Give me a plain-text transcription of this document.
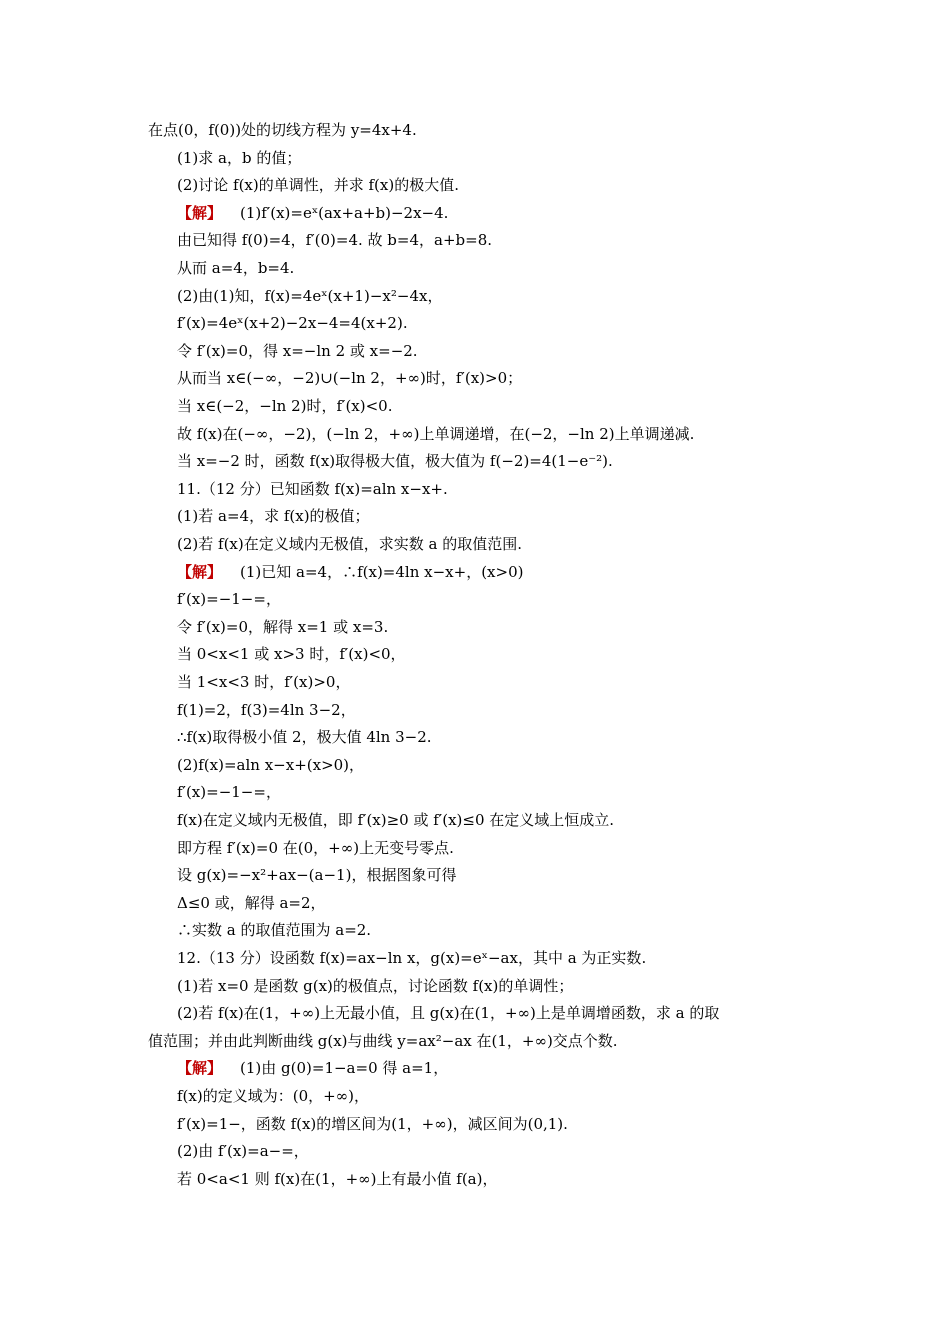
在点(0，f(0))处的切线方程为 y=4x+4.
(1)求 a，b 的值；
(2)讨论 f(x)的单调性，并求 f(x)的极大值.
【解】 (1)f′(x)=eˣ(ax+a+b)−2x−4.
由已知得 f(0)=4，f′(0)=4. 故 b=4，a+b=8.
从而 a=4，b=4.
(2)由(1)知，f(x)=4eˣ(x+1)−x²−4x，
f′(x)=4eˣ(x+2)−2x−4=4(x+2).
令 f′(x)=0，得 x=−ln 2 或 x=−2.
从而当 x∈(−∞，−2)∪(−ln 2，+∞)时，f′(x)>0；
当 x∈(−2，−ln 2)时，f′(x)<0.
故 f(x)在(−∞，−2)，(−ln 2，+∞)上单调递增，在(−2，−ln 2)上单调递减.
当 x=−2 时，函数 f(x)取得极大值，极大值为 f(−2)=4(1−e⁻²).
11.（12 分）已知函数 f(x)=aln x−x+.
(1)若 a=4，求 f(x)的极值；
(2)若 f(x)在定义域内无极值，求实数 a 的取值范围.
【解】 (1)已知 a=4，∴f(x)=4ln x−x+，(x>0)
f′(x)=−1−=，
令 f′(x)=0，解得 x=1 或 x=3.
当 0<x<1 或 x>3 时，f′(x)<0，
当 1<x<3 时，f′(x)>0，
f(1)=2，f(3)=4ln 3−2，
∴f(x)取得极小值 2，极大值 4ln 3−2.
(2)f(x)=aln x−x+(x>0)，
f′(x)=−1−=，
f(x)在定义域内无极值，即 f′(x)≥0 或 f′(x)≤0 在定义域上恒成立.
即方程 f′(x)=0 在(0，+∞)上无变号零点.
设 g(x)=−x²+ax−(a−1)，根据图象可得
Δ≤0 或，解得 a=2，
∴实数 a 的取值范围为 a=2.
12.（13 分）设函数 f(x)=ax−ln x，g(x)=eˣ−ax，其中 a 为正实数.
(1)若 x=0 是函数 g(x)的极值点，讨论函数 f(x)的单调性；
(2)若 f(x)在(1，+∞)上无最小值，且 g(x)在(1，+∞)上是单调增函数，求 a 的取
值范围；并由此判断曲线 g(x)与曲线 y=ax²−ax 在(1，+∞)交点个数.
【解】 (1)由 g(0)=1−a=0 得 a=1，
f(x)的定义域为：(0，+∞)，
f′(x)=1−，函数 f(x)的增区间为(1，+∞)，减区间为(0,1).
(2)由 f′(x)=a−=，
若 0<a<1 则 f(x)在(1，+∞)上有最小值 f(a)，
